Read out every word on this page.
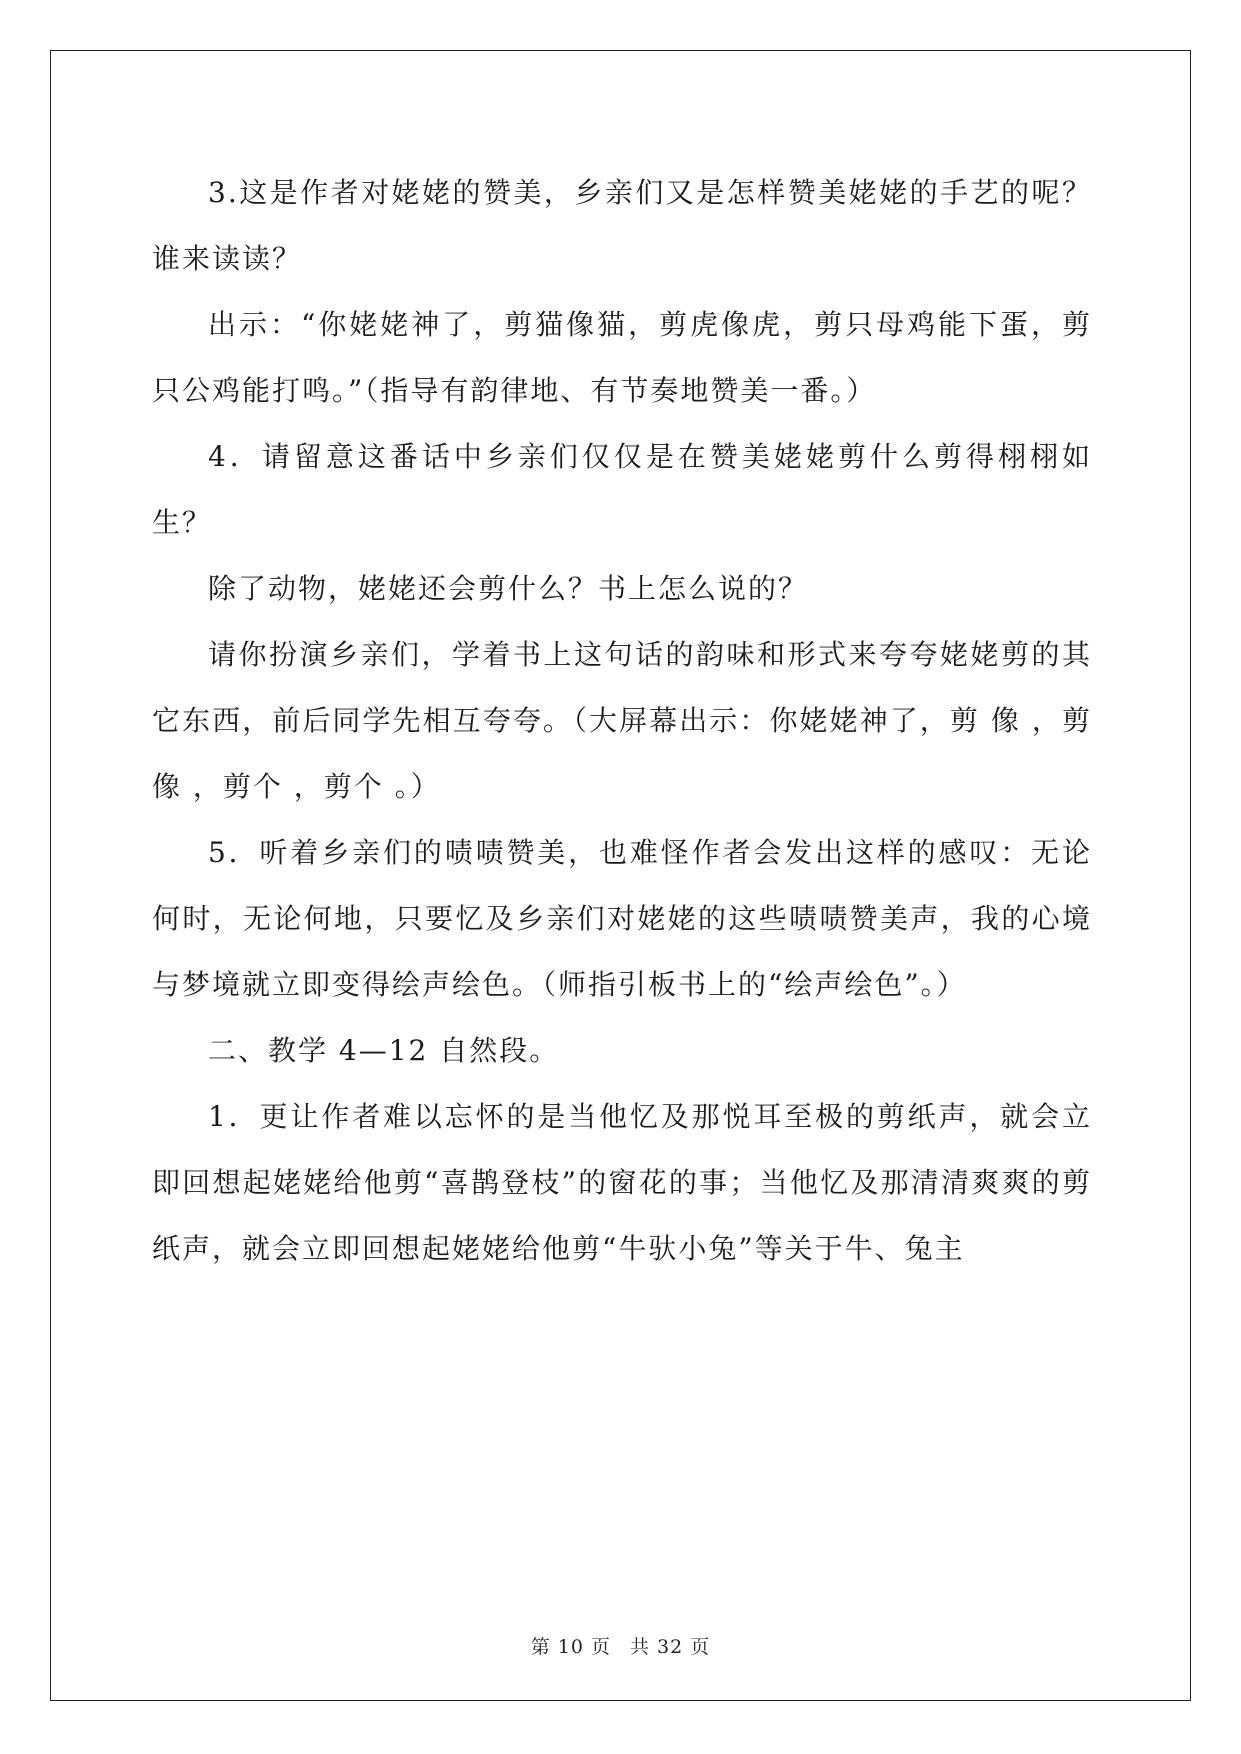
3.这是作者对姥姥的赞美，乡亲们又是怎样赞美姥姥的手艺的呢？谁来读读？

出示：“你姥姥神了，剪猫像猫，剪虎像虎，剪只母鸡能下蛋，剪只公鸡能打鸣。”（指导有韵律地、有节奏地赞美一番。）

4．请留意这番话中乡亲们仅仅是在赞美姥姥剪什么剪得栩栩如生？

除了动物，姥姥还会剪什么？书上怎么说的？

请你扮演乡亲们，学着书上这句话的韵味和形式来夸夸姥姥剪的其它东西，前后同学先相互夸夸。（大屏幕出示：你姥姥神了，剪 像 ，剪 像 ，剪个 ，剪个 。）

5．听着乡亲们的啧啧赞美，也难怪作者会发出这样的感叹：无论何时，无论何地，只要忆及乡亲们对姥姥的这些啧啧赞美声，我的心境与梦境就立即变得绘声绘色。（师指引板书上的“绘声绘色”。）

二、教学 4—12 自然段。

1．更让作者难以忘怀的是当他忆及那悦耳至极的剪纸声，就会立即回想起姥姥给他剪“喜鹊登枝”的窗花的事；当他忆及那清清爽爽的剪纸声，就会立即回想起姥姥给他剪“牛驮小兔”等关于牛、兔主

第 10 页 共 32 页
